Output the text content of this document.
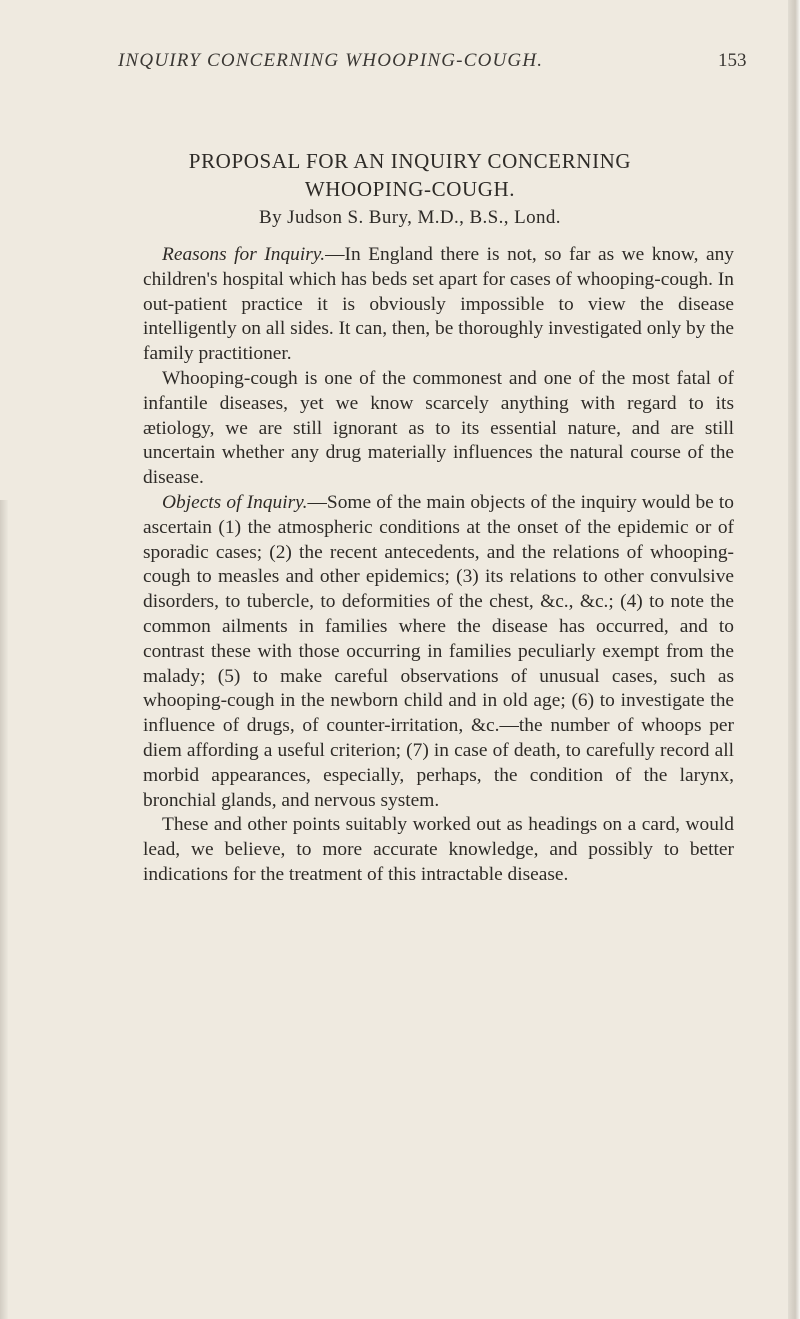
INQUIRY CONCERNING WHOOPING-COUGH.	153
PROPOSAL FOR AN INQUIRY CONCERNING
WHOOPING-COUGH.
By Judson S. Bury, M.D., B.S., Lond.

Reasons for Inquiry.—In England there is not, so far as we know, any children's hospital which has beds set apart for cases of whooping-cough. In out-patient practice it is obviously impossible to view the disease intelligently on all sides. It can, then, be thoroughly investigated only by the family practitioner.

Whooping-cough is one of the commonest and one of the most fatal of infantile diseases, yet we know scarcely anything with regard to its ætiology, we are still ignorant as to its essential nature, and are still uncertain whether any drug materially influences the natural course of the disease.

Objects of Inquiry.—Some of the main objects of the inquiry would be to ascertain (1) the atmospheric conditions at the onset of the epidemic or of sporadic cases; (2) the recent antecedents, and the relations of whooping-cough to measles and other epidemics; (3) its relations to other convulsive disorders, to tubercle, to deformities of the chest, &c., &c.; (4) to note the common ailments in families where the disease has occurred, and to contrast these with those occurring in families peculiarly exempt from the malady; (5) to make careful observations of unusual cases, such as whooping-cough in the newborn child and in old age; (6) to investigate the influence of drugs, of counter-irritation, &c.—the number of whoops per diem affording a useful criterion; (7) in case of death, to carefully record all morbid appearances, especially, perhaps, the condition of the larynx, bronchial glands, and nervous system.

These and other points suitably worked out as headings on a card, would lead, we believe, to more accurate knowledge, and possibly to better indications for the treatment of this intractable disease.
